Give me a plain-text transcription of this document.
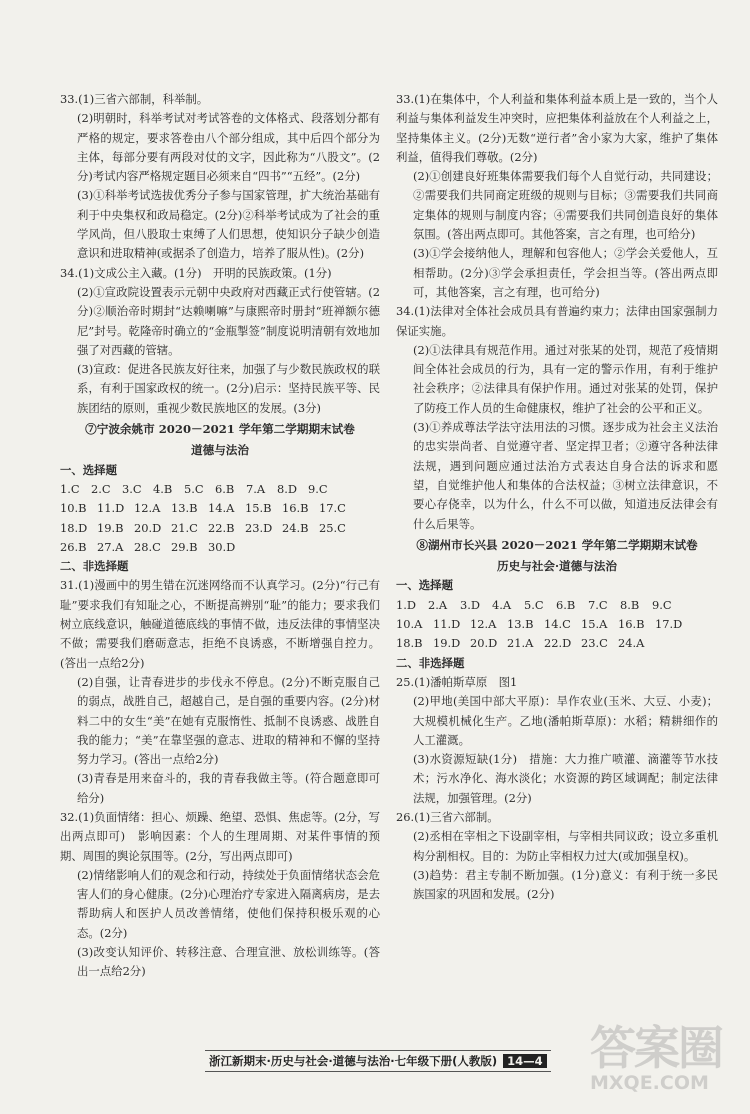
33.(1)三省六部制，科举制。

(2)明朝时，科举考试对考试答卷的文体格式、段落划分都有严格的规定，要求答卷由八个部分组成，其中后四个部分为主体，每部分要有两段对仗的文字，因此称为“八股文”。(2分)考试内容严格规定题目必须来自“四书”“五经”。(2分)

(3)①科举考试选拔优秀分子参与国家管理，扩大统治基础有利于中央集权和政局稳定。(2分)②科举考试成为了社会的重学风尚，但八股取士束缚了人们思想，使知识分子缺少创造意识和进取精神(或据杀了创造力，培养了服从性)。(2分)

34.(1)文成公主入藏。(1分)　开明的民族政策。(1分)

(2)①宣政院设置表示元朝中央政府对西藏正式行使管辖。(2分)②顺治帝时期封“达赖喇嘛”与康熙帝时册封“班禅额尔德尼”封号。乾隆帝时确立的“金瓶掣签”制度说明清朝有效地加强了对西藏的管辖。

(3)宣政：促进各民族友好往来，加强了与少数民族政权的联系，有利于国家政权的统一。(2分)启示：坚持民族平等、民族团结的原则，重视少数民族地区的发展。(3分)

⑦宁波余姚市 2020－2021 学年第二学期期末试卷

道德与法治

一、选择题

1.C	2.C	3.C	4.B	5.C	6.B	7.A	8.D 9.C
10.B 11.D 12.A 13.B 14.A 15.B 16.B 17.C
18.D 19.B 20.D 21.C 22.B 23.D 24.B 25.C
26.B 27.A 28.C 29.B 30.D

二、非选择题

31.(1)漫画中的男生错在沉迷网络而不认真学习。(2分)“行己有耻”要求我们有知耻之心，不断提高辨别“耻”的能力；要求我们树立底线意识，触碰道德底线的事情不做，违反法律的事情坚决不做；需要我们磨砺意志，拒绝不良诱惑，不断增强自控力。(答出一点给2分)

(2)自强，让青春进步的步伐永不停息。(2分)不断克服自己的弱点，战胜自己，超越自己，是自强的重要内容。(2分)材料二中的女生“美”在她有克服惰性、抵制不良诱惑、战胜自我的能力；“美”在靠坚强的意志、进取的精神和不懈的坚持努力学习。(答出一点给2分)

(3)青春是用来奋斗的，我的青春我做主等。(符合题意即可给分)

32.(1)负面情绪：担心、烦躁、绝望、恐惧、焦虑等。(2分，写出两点即可)　影响因素：个人的生理周期、对某件事情的预期、周围的舆论氛围等。(2分，写出两点即可)

(2)情绪影响人们的观念和行动，持续处于负面情绪状态会危害人们的身心健康。(2分)心理治疗专家进入隔离病房，是去帮助病人和医护人员改善情绪，使他们保持积极乐观的心态。(2分)

(3)改变认知评价、转移注意、合理宣泄、放松训练等。(答出一点给2分)

33.(1)在集体中，个人利益和集体利益本质上是一致的，当个人利益与集体利益发生冲突时，应把集体利益放在个人利益之上，坚持集体主义。(2分)无数“逆行者”舍小家为大家，维护了集体利益，值得我们尊敬。(2分)

(2)①创建良好班集体需要我们每个人自觉行动，共同建设；②需要我们共同商定班级的规则与目标；③需要我们共同商定集体的规则与制度内容；④需要我们共同创造良好的集体氛围。(答出两点即可。其他答案，言之有理，也可给分)

(3)①学会接纳他人，理解和包容他人；②学会关爱他人，互相帮助。(2分)③学会承担责任，学会担当等。(答出两点即可，其他答案，言之有理，也可给分)

34.(1)法律对全体社会成员具有普遍约束力；法律由国家强制力保证实施。

(2)①法律具有规范作用。通过对张某的处罚，规范了疫情期间全体社会成员的行为，具有一定的警示作用，有利于维护社会秩序；②法律具有保护作用。通过对张某的处罚，保护了防疫工作人员的生命健康权，维护了社会的公平和正义。

(3)①养成尊法学法守法用法的习惯。逐步成为社会主义法治的忠实崇尚者、自觉遵守者、坚定捍卫者；②遵守各种法律法规，遇到问题应通过法治方式表达自身合法的诉求和愿望，自觉维护他人和集体的合法权益；③树立法律意识，不要心存侥幸，以为什么，什么不可以做，知道违反法律会有什么后果等。

⑧湖州市长兴县 2020－2021 学年第二学期期末试卷

历史与社会·道德与法治

一、选择题

1.D	2.A	3.D	4.A	5.C	6.B	7.C	8.B	9.C
10.A 11.D 12.A 13.B 14.C 15.A 16.B 17.D
18.B 19.D 20.D 21.A 22.D 23.C 24.A

二、非选择题

25.(1)潘帕斯草原　图1

(2)甲地(美国中部大平原)：旱作农业(玉米、大豆、小麦)；大规模机械化生产。乙地(潘帕斯草原)：水稻；精耕细作的人工灌溉。

(3)水资源短缺(1分)　措施：大力推广喷灌、滴灌等节水技术；污水净化、海水淡化；水资源的跨区域调配；制定法律法规，加强管理。(2分)

26.(1)三省六部制。

(2)丞相在宰相之下设副宰相，与宰相共同议政；设立多重机构分割相权。目的：为防止宰相权力过大(或加强皇权)。

(3)趋势：君主专制不断加强。(1分)意义：有利于统一多民族国家的巩固和发展。(2分)

浙江新期末·历史与社会·道德与法治·七年级下册(人教版) 14—4 答案圈
MXQE.COM
